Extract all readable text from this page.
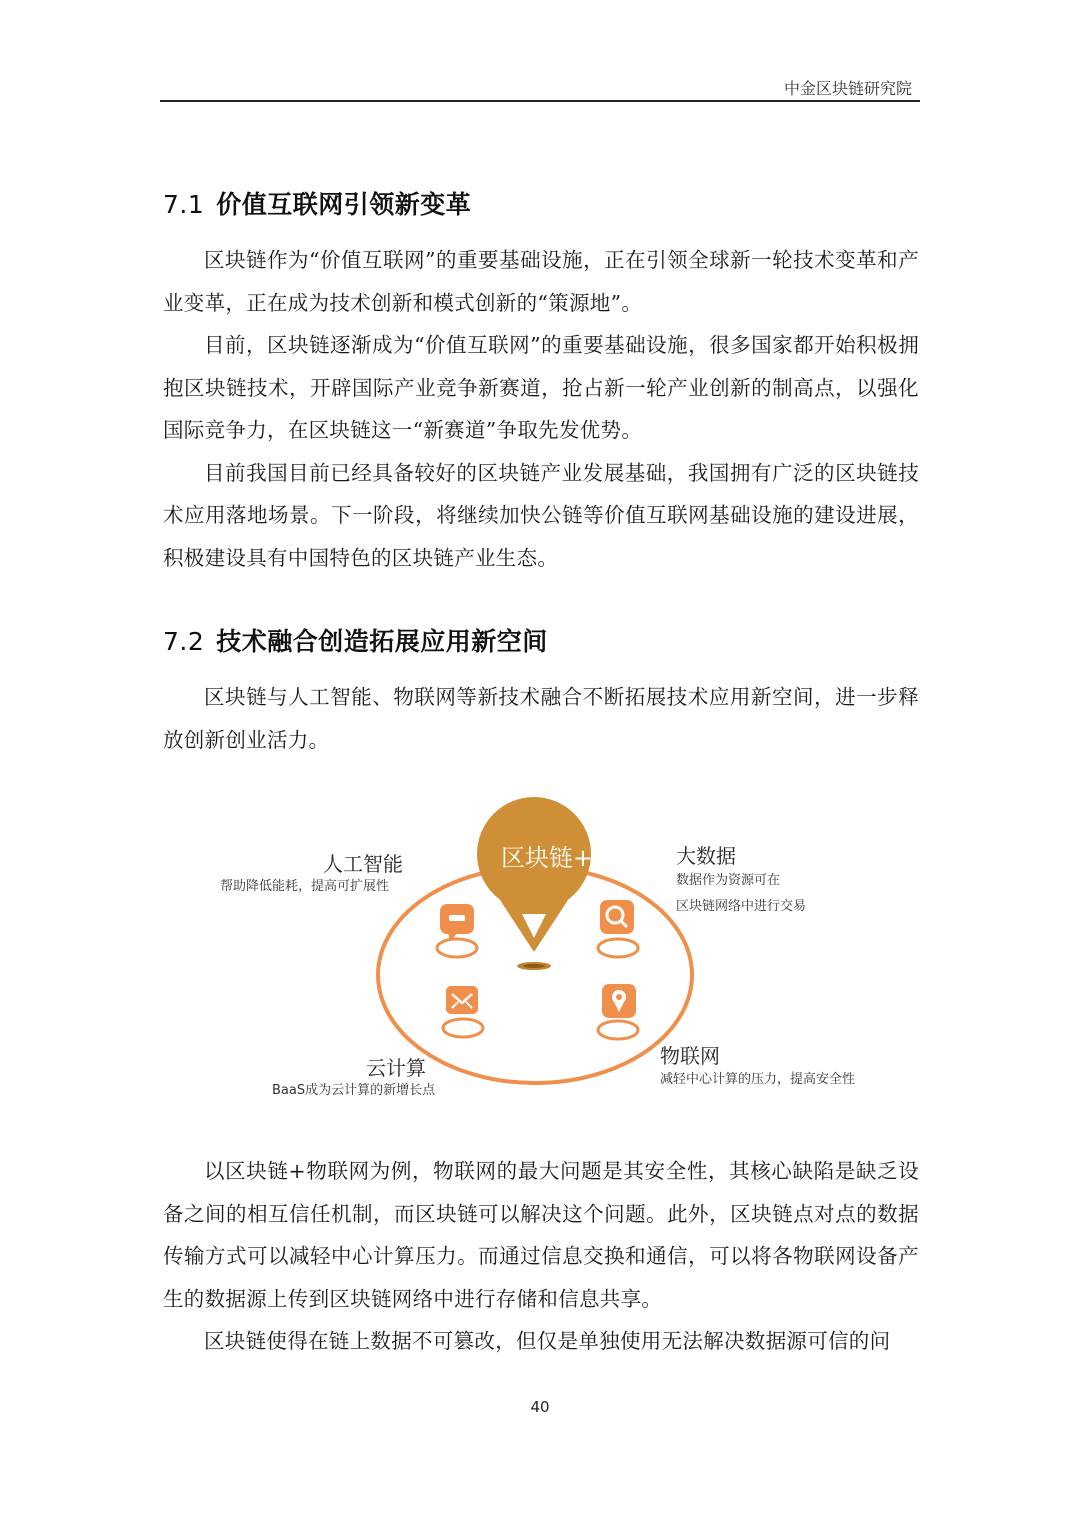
中金区块链研究院
7.1 价值互联网引领新变革

区块链作为“价值互联网”的重要基础设施，正在引领全球新一轮技术变革和产业变革，正在成为技术创新和模式创新的“策源地”。

目前，区块链逐渐成为“价值互联网”的重要基础设施，很多国家都开始积极拥抱区块链技术，开辟国际产业竞争新赛道，抢占新一轮产业创新的制高点，以强化国际竞争力，在区块链这一“新赛道”争取先发优势。

目前我国目前已经具备较好的区块链产业发展基础，我国拥有广泛的区块链技术应用落地场景。下一阶段，将继续加快公链等价值互联网基础设施的建设进展，积极建设具有中国特色的区块链产业生态。

7.2 技术融合创造拓展应用新空间

区块链与人工智能、物联网等新技术融合不断拓展技术应用新空间，进一步释放创新创业活力。

区块链+
人工智能
帮助降低能耗，提高可扩展性
大数据
数据作为资源可在
区块链网络中进行交易
云计算
BaaS成为云计算的新增长点
物联网
减轻中心计算的压力，提高安全性

以区块链+物联网为例，物联网的最大问题是其安全性，其核心缺陷是缺乏设备之间的相互信任机制，而区块链可以解决这个问题。此外，区块链点对点的数据传输方式可以减轻中心计算压力。而通过信息交换和通信，可以将各物联网设备产生的数据源上传到区块链网络中进行存储和信息共享。

区块链使得在链上数据不可篡改，但仅是单独使用无法解决数据源可信的问

40
